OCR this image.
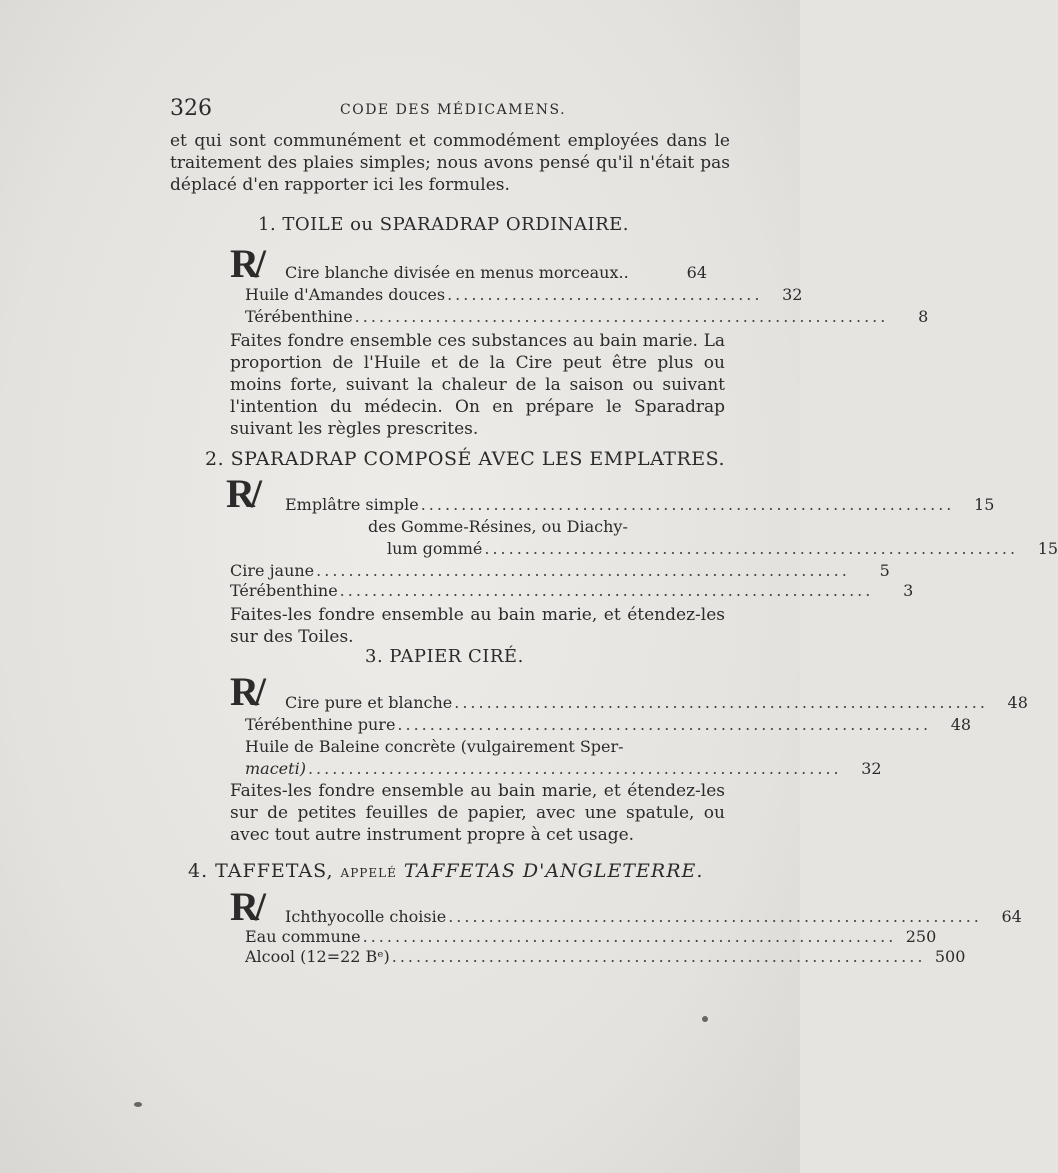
326	CODE DES MÉDICAMENS.

et qui sont communément et commodément employées dans le traitement des plaies simples; nous avons pensé qu'il n'était pas déplacé d'en rapporter ici les formules.

1. TOILE ou SPARADRAP ORDINAIRE.
R/ Cire blanche divisée en menus morceaux..	64
Huile d'Amandes douces .......................................	32
Térébenthine ..................................................................	8

Faites fondre ensemble ces substances au bain marie. La proportion de l'Huile et de la Cire peut être plus ou moins forte, suivant la chaleur de la saison ou suivant l'intention du médecin. On en prépare le Sparadrap suivant les règles prescrites.

2. SPARADRAP COMPOSÉ AVEC LES EMPLATRES.
R/ Emplâtre simple ..................................................................	15
des Gomme-Résines, ou Diachy-
lum gommé ..................................................................	15
Cire jaune ..................................................................	5
Térébenthine ..................................................................	3

Faites-les fondre ensemble au bain marie, et étendez-les sur des Toiles.

3. PAPIER CIRÉ.
R/ Cire pure et blanche ..................................................................	48
Térébenthine pure ..................................................................	48
Huile de Baleine concrète (vulgairement Sper-
maceti) ..................................................................	32

Faites-les fondre ensemble au bain marie, et étendez-les sur de petites feuilles de papier, avec une spatule, ou avec tout autre instrument propre à cet usage.

4. TAFFETAS, APPELÉ TAFFETAS D'ANGLETERRE.
R/ Ichthyocolle choisie ..................................................................	64
Eau commune .................................................................. 250
Alcool (12=22 Bᵉ) .................................................................. 500
